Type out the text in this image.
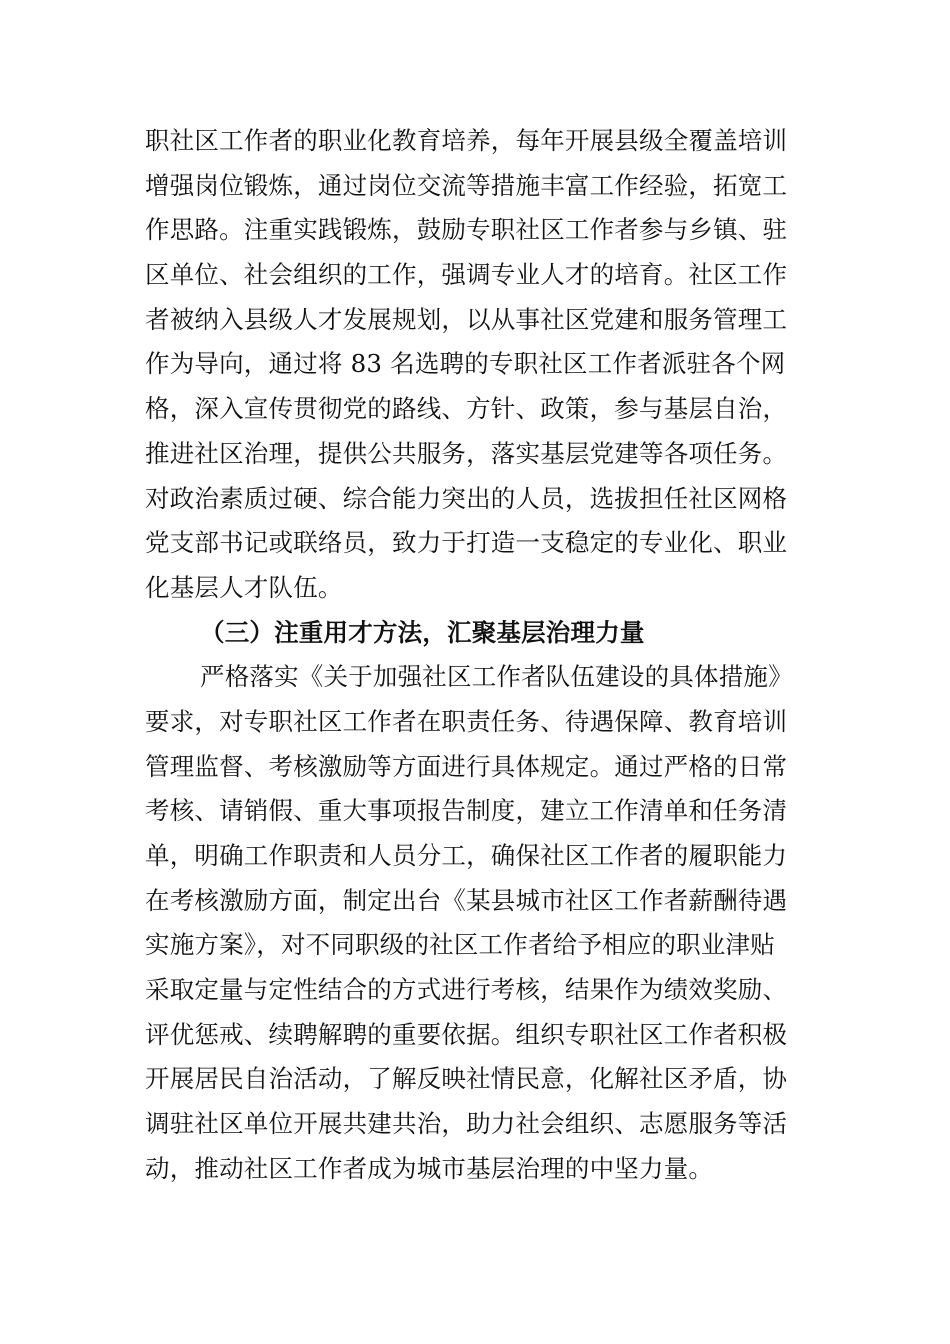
职社区工作者的职业化教育培养，每年开展县级全覆盖培训
增强岗位锻炼，通过岗位交流等措施丰富工作经验，拓宽工
作思路。注重实践锻炼，鼓励专职社区工作者参与乡镇、驻
区单位、社会组织的工作，强调专业人才的培育。社区工作
者被纳入县级人才发展规划，以从事社区党建和服务管理工
作为导向，通过将 83 名选聘的专职社区工作者派驻各个网
格，深入宣传贯彻党的路线、方针、政策，参与基层自治，
推进社区治理，提供公共服务，落实基层党建等各项任务。
对政治素质过硬、综合能力突出的人员，选拔担任社区网格
党支部书记或联络员，致力于打造一支稳定的专业化、职业
化基层人才队伍。
（三）注重用才方法，汇聚基层治理力量
严格落实《关于加强社区工作者队伍建设的具体措施》
要求，对专职社区工作者在职责任务、待遇保障、教育培训
管理监督、考核激励等方面进行具体规定。通过严格的日常
考核、请销假、重大事项报告制度，建立工作清单和任务清
单，明确工作职责和人员分工，确保社区工作者的履职能力
在考核激励方面，制定出台《某县城市社区工作者薪酬待遇
实施方案》，对不同职级的社区工作者给予相应的职业津贴
采取定量与定性结合的方式进行考核，结果作为绩效奖励、
评优惩戒、续聘解聘的重要依据。组织专职社区工作者积极
开展居民自治活动，了解反映社情民意，化解社区矛盾，协
调驻社区单位开展共建共治，助力社会组织、志愿服务等活
动，推动社区工作者成为城市基层治理的中坚力量。
